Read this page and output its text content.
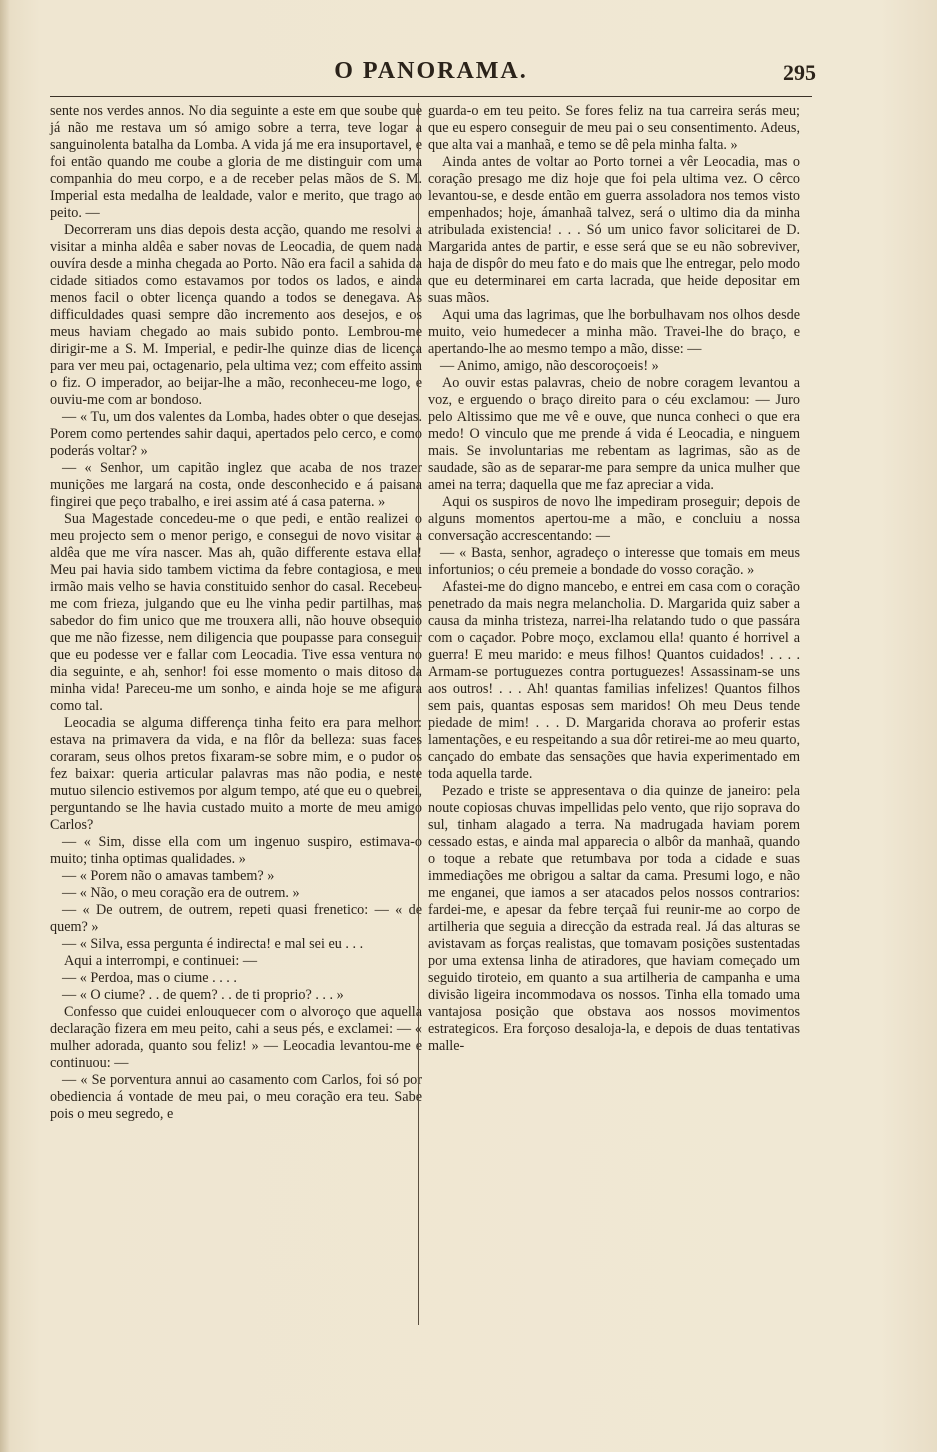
O PANORAMA.	295

sente nos verdes annos. No dia seguinte a este em que soube que já não me restava um só amigo sobre a terra, teve logar a sanguinolenta batalha da Lomba. A vida já me era insuportavel, e foi então quando me coube a gloria de me distinguir com uma companhia do meu corpo, e a de receber pelas mãos de S. M. Imperial esta medalha de lealdade, valor e merito, que trago ao peito. —

Decorreram uns dias depois desta acção, quando me resolvi a visitar a minha aldêa e saber novas de Leocadia, de quem nada ouvíra desde a minha chegada ao Porto. Não era facil a sahida da cidade sitiados como estavamos por todos os lados, e ainda menos facil o obter licença quando a todos se denegava. As difficuldades quasi sempre dão incremento aos desejos, e os meus haviam chegado ao mais subido ponto. Lembrou-me dirigir-me a S. M. Imperial, e pedir-lhe quinze dias de licença para ver meu pai, octagenario, pela ultima vez; com effeito assim o fiz. O imperador, ao beijar-lhe a mão, reconheceu-me logo, e ouviu-me com ar bondoso.

— « Tu, um dos valentes da Lomba, hades obter o que desejas. Porem como pertendes sahir daqui, apertados pelo cerco, e como poderás voltar? »

— « Senhor, um capitão inglez que acaba de nos trazer munições me largará na costa, onde desconhecido e á paisana fingirei que peço trabalho, e irei assim até á casa paterna. »

Sua Magestade concedeu-me o que pedi, e então realizei o meu projecto sem o menor perigo, e consegui de novo visitar a aldêa que me víra nascer. Mas ah, quão differente estava ella! Meu pai havia sido tambem victima da febre contagiosa, e meu irmão mais velho se havia constituido senhor do casal. Recebeu-me com frieza, julgando que eu lhe vinha pedir partilhas, mas sabedor do fim unico que me trouxera alli, não houve obsequio que me não fizesse, nem diligencia que poupasse para conseguir que eu podesse ver e fallar com Leocadia. Tive essa ventura no dia seguinte, e ah, senhor! foi esse momento o mais ditoso da minha vida! Pareceu-me um sonho, e ainda hoje se me afigura como tal.

Leocadia se alguma differença tinha feito era para melhor: estava na primavera da vida, e na flôr da belleza: suas faces coraram, seus olhos pretos fixaram-se sobre mim, e o pudor os fez baixar: queria articular palavras mas não podia, e neste mutuo silencio estivemos por algum tempo, até que eu o quebrei, perguntando se lhe havia custado muito a morte de meu amigo Carlos?

— « Sim, disse ella com um ingenuo suspiro, estimava-o muito; tinha optimas qualidades. »

— « Porem não o amavas tambem? »

— « Não, o meu coração era de outrem. »

— « De outrem, de outrem, repeti quasi frenetico: — « de quem? »

— « Silva, essa pergunta é indirecta! e mal sei eu . . .

Aqui a interrompi, e continuei: —

— « Perdoa, mas o ciume . . . .

— « O ciume? . . de quem? . . de ti proprio? . . . »

Confesso que cuidei enlouquecer com o alvoroço que aquella declaração fizera em meu peito, cahi a seus pés, e exclamei: — « mulher adorada, quanto sou feliz! » — Leocadia levantou-me e continuou: —

— « Se porventura annui ao casamento com Carlos, foi só por obediencia á vontade de meu pai, o meu coração era teu. Sabe pois o meu segredo, e

guarda-o em teu peito. Se fores feliz na tua carreira serás meu; que eu espero conseguir de meu pai o seu consentimento. Adeus, que alta vai a manhaã, e temo se dê pela minha falta. »

Ainda antes de voltar ao Porto tornei a vêr Leocadia, mas o coração presago me diz hoje que foi pela ultima vez. O cêrco levantou-se, e desde então em guerra assoladora nos temos visto empenhados; hoje, ámanhaã talvez, será o ultimo dia da minha atribulada existencia! . . . Só um unico favor solicitarei de D. Margarida antes de partir, e esse será que se eu não sobreviver, haja de dispôr do meu fato e do mais que lhe entregar, pelo modo que eu determinarei em carta lacrada, que heide depositar em suas mãos.

Aqui uma das lagrimas, que lhe borbulhavam nos olhos desde muito, veio humedecer a minha mão. Travei-lhe do braço, e apertando-lhe ao mesmo tempo a mão, disse: —

— Animo, amigo, não descoroçoeis! »

Ao ouvir estas palavras, cheio de nobre coragem levantou a voz, e erguendo o braço direito para o céu exclamou: — Juro pelo Altissimo que me vê e ouve, que nunca conheci o que era medo! O vinculo que me prende á vida é Leocadia, e ninguem mais. Se involuntarias me rebentam as lagrimas, são as de saudade, são as de separar-me para sempre da unica mulher que amei na terra; daquella que me faz apreciar a vida.

Aqui os suspiros de novo lhe impediram proseguir; depois de alguns momentos apertou-me a mão, e concluiu a nossa conversação accrescentando: —

— « Basta, senhor, agradeço o interesse que tomais em meus infortunios; o céu premeie a bondade do vosso coração. »

Afastei-me do digno mancebo, e entrei em casa com o coração penetrado da mais negra melancholia. D. Margarida quiz saber a causa da minha tristeza, narrei-lha relatando tudo o que passára com o caçador. Pobre moço, exclamou ella! quanto é horrivel a guerra! E meu marido: e meus filhos! Quantos cuidados! . . . . Armam-se portuguezes contra portuguezes! Assassinam-se uns aos outros! . . . Ah! quantas familias infelizes! Quantos filhos sem pais, quantas esposas sem maridos! Oh meu Deus tende piedade de mim! . . . D. Margarida chorava ao proferir estas lamentações, e eu respeitando a sua dôr retirei-me ao meu quarto, cançado do embate das sensações que havia experimentado em toda aquella tarde.

Pezado e triste se appresentava o dia quinze de janeiro: pela noute copiosas chuvas impellidas pelo vento, que rijo soprava do sul, tinham alagado a terra. Na madrugada haviam porem cessado estas, e ainda mal apparecia o albôr da manhaã, quando o toque a rebate que retumbava por toda a cidade e suas immediações me obrigou a saltar da cama. Presumi logo, e não me enganei, que iamos a ser atacados pelos nossos contrarios: fardei-me, e apesar da febre terçaã fui reunir-me ao corpo de artilheria que seguia a direcção da estrada real. Já das alturas se avistavam as forças realistas, que tomavam posições sustentadas por uma extensa linha de atiradores, que haviam começado um seguido tiroteio, em quanto a sua artilheria de campanha e uma divisão ligeira incommodava os nossos. Tinha ella tomado uma vantajosa posição que obstava aos nossos movimentos estrategicos. Era forçoso desaloja-la, e depois de duas tentativas malle-
